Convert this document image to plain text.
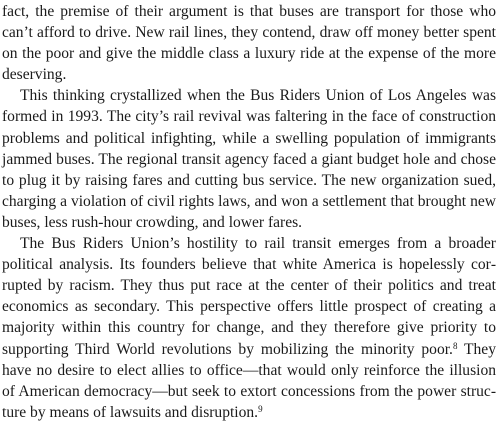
fact, the premise of their argument is that buses are transport for those who can’t afford to drive. New rail lines, they contend, draw off money better spent on the poor and give the middle class a luxury ride at the expense of the more deserving.

This thinking crystallized when the Bus Riders Union of Los Angeles was formed in 1993. The city’s rail revival was faltering in the face of construction problems and political infighting, while a swelling population of immigrants jammed buses. The regional transit agency faced a giant budget hole and chose to plug it by raising fares and cutting bus service. The new organization sued, charging a violation of civil rights laws, and won a settlement that brought new buses, less rush-hour crowding, and lower fares.

The Bus Riders Union’s hostility to rail transit emerges from a broader political analysis. Its founders believe that white America is hopelessly corrupted by racism. They thus put race at the center of their politics and treat economics as secondary. This perspective offers little prospect of creating a majority within this country for change, and they therefore give priority to supporting Third World revolutions by mobilizing the minority poor.$^8$ They have no desire to elect allies to office—that would only reinforce the illusion of American democracy—but seek to extort concessions from the power structure by means of lawsuits and disruption.$^9$
